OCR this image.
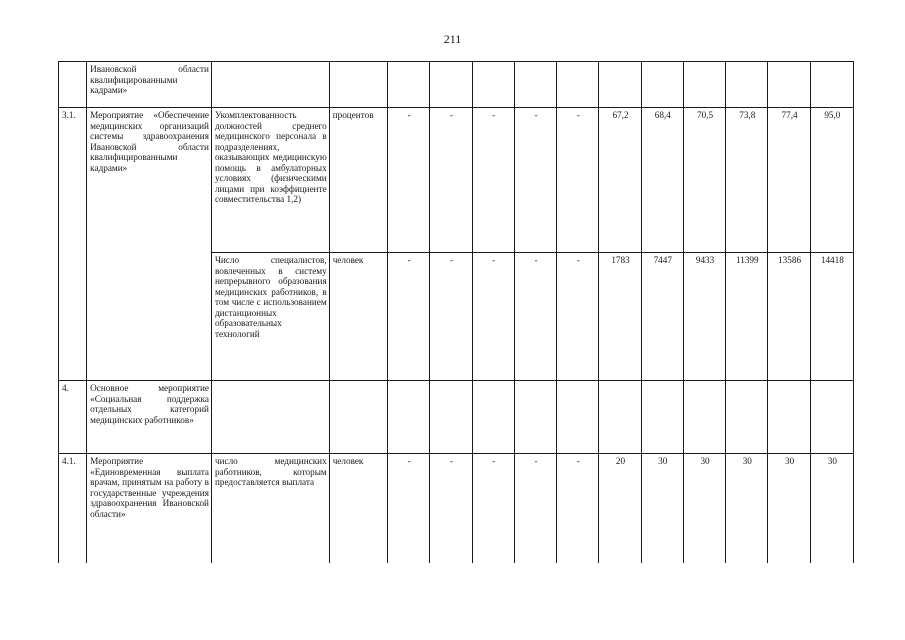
211
	Ивановской области квалифицированными кадрами»													
3.1.	Мероприятие «Обеспечение медицинских организаций системы здравоохранения Ивановской области квалифицированными кадрами»	Укомплектованность должностей среднего медицинского персонала в подразделениях, оказывающих медицинскую помощь в амбулаторных условиях (физическими лицами при коэффициенте совместительства 1,2)	процентов	-	-	-	-	-	67,2	68,4	70,5	73,8	77,4	95,0
		Число специалистов, вовлеченных в систему непрерывного образования медицинских работников, в том числе с использованием дистанционных образовательных технологий	человек	-	-	-	-	-	1783	7447	9433	11399	13586	14418
4.	Основное мероприятие «Социальная поддержка отдельных категорий медицинских работников»													
4.1.	Мероприятие «Единовременная выплата врачам, принятым на работу в государственные учреждения здравоохранения Ивановской области»	число медицинских работников, которым предоставляется выплата	человек	-	-	-	-	-	20	30	30	30	30	30
